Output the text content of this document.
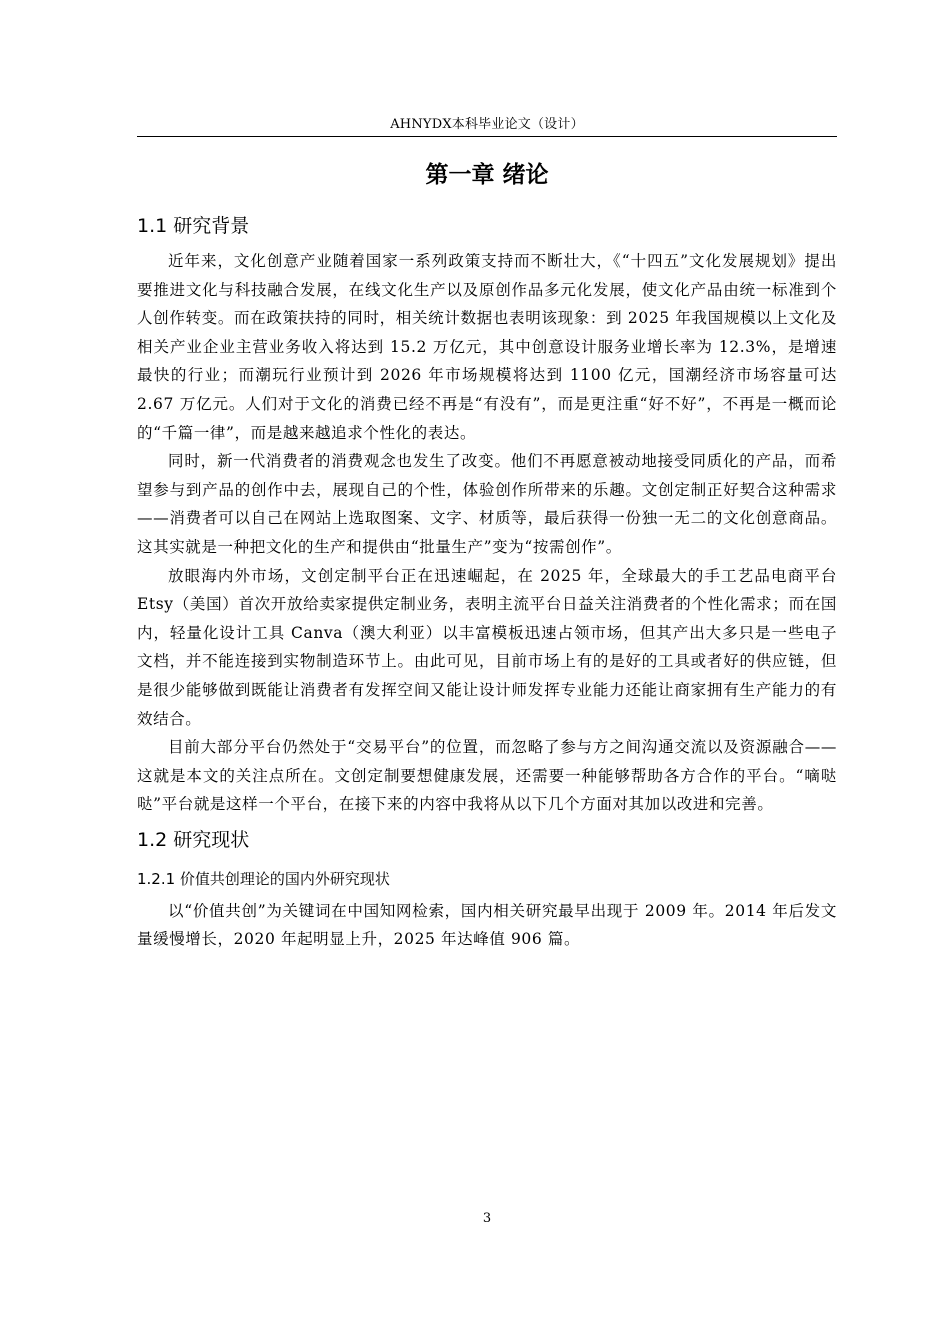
AHNYDX本科毕业论文（设计）
第一章 绪论
1.1 研究背景

近年来，文化创意产业随着国家一系列政策支持而不断壮大，《“十四五”文化发展规划》提出要推进文化与科技融合发展，在线文化生产以及原创作品多元化发展，使文化产品由统一标准到个人创作转变。而在政策扶持的同时，相关统计数据也表明该现象：到 2025 年我国规模以上文化及相关产业企业主营业务收入将达到 15.2 万亿元，其中创意设计服务业增长率为 12.3%，是增速最快的行业；而潮玩行业预计到 2026 年市场规模将达到 1100 亿元，国潮经济市场容量可达 2.67 万亿元。人们对于文化的消费已经不再是“有没有”，而是更注重“好不好”，不再是一概而论的“千篇一律”，而是越来越追求个性化的表达。

同时，新一代消费者的消费观念也发生了改变。他们不再愿意被动地接受同质化的产品，而希望参与到产品的创作中去，展现自己的个性，体验创作所带来的乐趣。文创定制正好契合这种需求——消费者可以自己在网站上选取图案、文字、材质等，最后获得一份独一无二的文化创意商品。这其实就是一种把文化的生产和提供由“批量生产”变为“按需创作”。

放眼海内外市场，文创定制平台正在迅速崛起，在 2025 年，全球最大的手工艺品电商平台 Etsy（美国）首次开放给卖家提供定制业务，表明主流平台日益关注消费者的个性化需求；而在国内，轻量化设计工具 Canva（澳大利亚）以丰富模板迅速占领市场，但其产出大多只是一些电子文档，并不能连接到实物制造环节上。由此可见，目前市场上有的是好的工具或者好的供应链，但是很少能够做到既能让消费者有发挥空间又能让设计师发挥专业能力还能让商家拥有生产能力的有效结合。

目前大部分平台仍然处于“交易平台”的位置，而忽略了参与方之间沟通交流以及资源融合——这就是本文的关注点所在。文创定制要想健康发展，还需要一种能够帮助各方合作的平台。“嘀哒哒”平台就是这样一个平台，在接下来的内容中我将从以下几个方面对其加以改进和完善。

1.2 研究现状
1.2.1 价值共创理论的国内外研究现状

以“价值共创”为关键词在中国知网检索，国内相关研究最早出现于 2009 年。2014 年后发文量缓慢增长，2020 年起明显上升，2025 年达峰值 906 篇。

3
